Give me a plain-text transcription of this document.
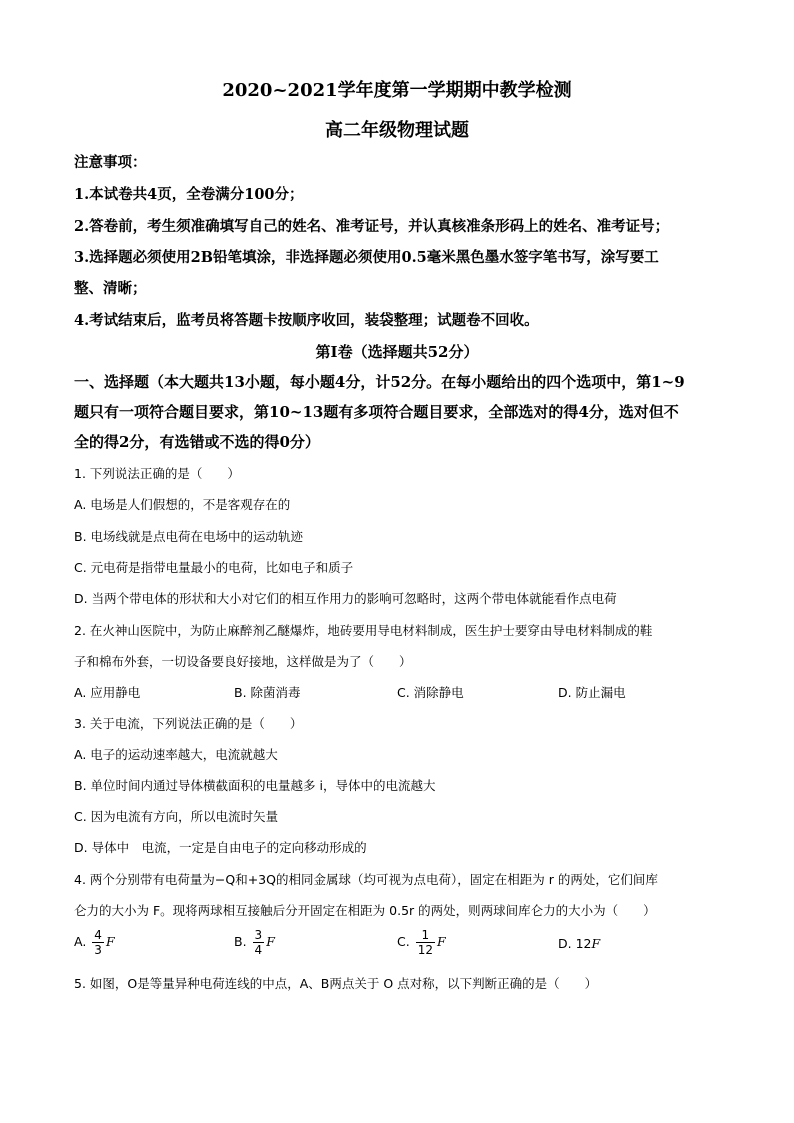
2020~2021学年度第一学期期中教学检测
高二年级物理试题
注意事项：
1.本试卷共4页，全卷满分100分；
2.答卷前，考生须准确填写自己的姓名、准考证号，并认真核准条形码上的姓名、准考证号；
3.选择题必须使用2B铅笔填涂，非选择题必须使用0.5毫米黑色墨水签字笔书写，涂写要工
整、清晰；
4.考试结束后，监考员将答题卡按顺序收回，装袋整理；试题卷不回收。
第Ⅰ卷（选择题共52分）
一、选择题（本大题共13小题，每小题4分，计52分。在每小题给出的四个选项中，第1~9
题只有一项符合题目要求，第10~13题有多项符合题目要求，全部选对的得4分，选对但不
全的得2分，有选错或不选的得0分）
1. 下列说法正确的是（　　）
A. 电场是人们假想的，不是客观存在的
B. 电场线就是点电荷在电场中的运动轨迹
C. 元电荷是指带电量最小的电荷，比如电子和质子
D. 当两个带电体的形状和大小对它们的相互作用力的影响可忽略时，这两个带电体就能看作点电荷
2. 在火神山医院中，为防止麻醉剂乙醚爆炸，地砖要用导电材料制成，医生护士要穿由导电材料制成的鞋
子和棉布外套，一切设备要良好接地，这样做是为了（　　）
A. 应用静电	B. 除菌消毒	C. 消除静电	D. 防止漏电
3. 关于电流，下列说法正确的是（　　）
A. 电子的运动速率越大，电流就越大
B. 单位时间内通过导体横截面积的电量越多 i，导体中的电流越大
C. 因为电流有方向，所以电流时矢量
D. 导体中　电流，一定是自由电子的定向移动形成的
4. 两个分别带有电荷量为−Q和+3Q的相同金属球（均可视为点电荷），固定在相距为 r 的两处，它们间库
仑力的大小为 F。现将两球相互接触后分开固定在相距为 0.5r 的两处，则两球间库仑力的大小为（　　）
A. $\frac{4}{3}$ F	B. $\frac{3}{4}$ F	C. $\frac{1}{12}$ F	D. 12F
5. 如图，O是等量异种电荷连线的中点，A、B两点关于 O 点对称，以下判断正确的是（　　）
